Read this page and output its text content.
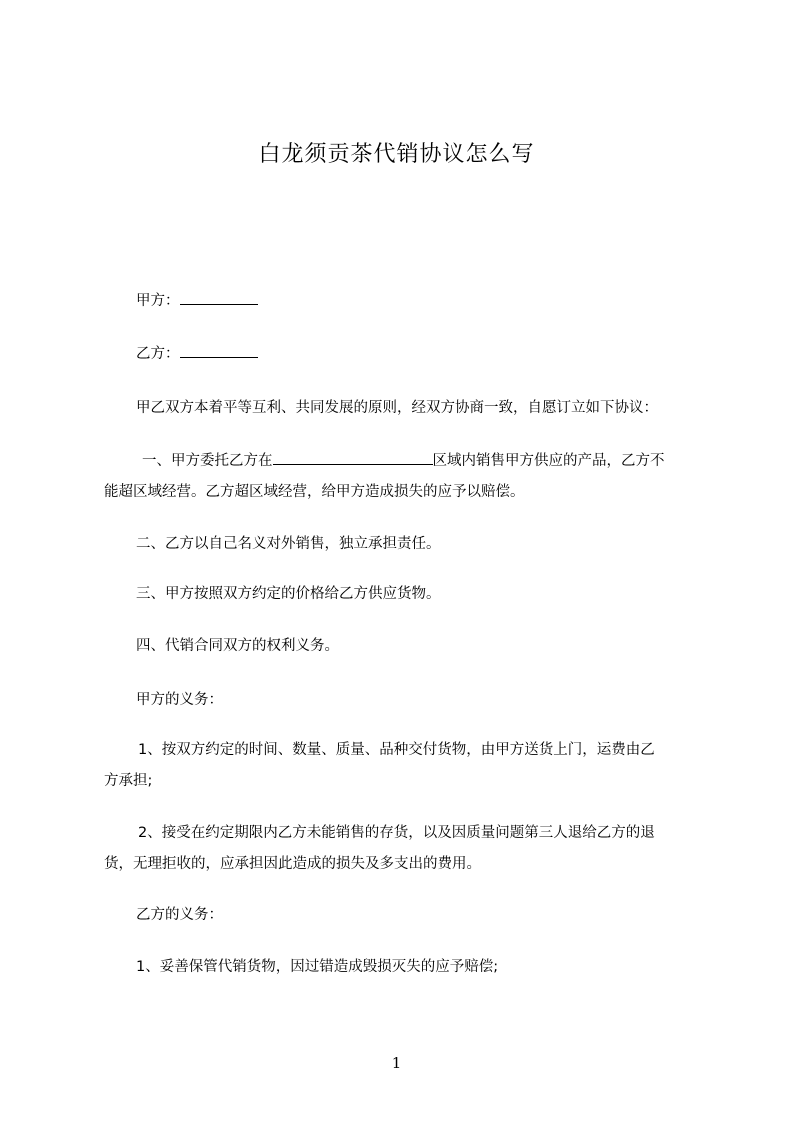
白龙须贡茶代销协议怎么写

甲方：

乙方：

甲乙双方本着平等互利、共同发展的原则，经双方协商一致，自愿订立如下协议：

一、甲方委托乙方在	区域内销售甲方供应的产品，乙方不
能超区域经营。乙方超区域经营，给甲方造成损失的应予以赔偿。

二、乙方以自己名义对外销售，独立承担责任。

三、甲方按照双方约定的价格给乙方供应货物。

四、代销合同双方的权利义务。

甲方的义务：

1、按双方约定的时间、数量、质量、品种交付货物，由甲方送货上门，运费由乙
方承担;

2、接受在约定期限内乙方未能销售的存货，以及因质量问题第三人退给乙方的退
货，无理拒收的，应承担因此造成的损失及多支出的费用。

乙方的义务：

1、妥善保管代销货物，因过错造成毁损灭失的应予赔偿;

1
